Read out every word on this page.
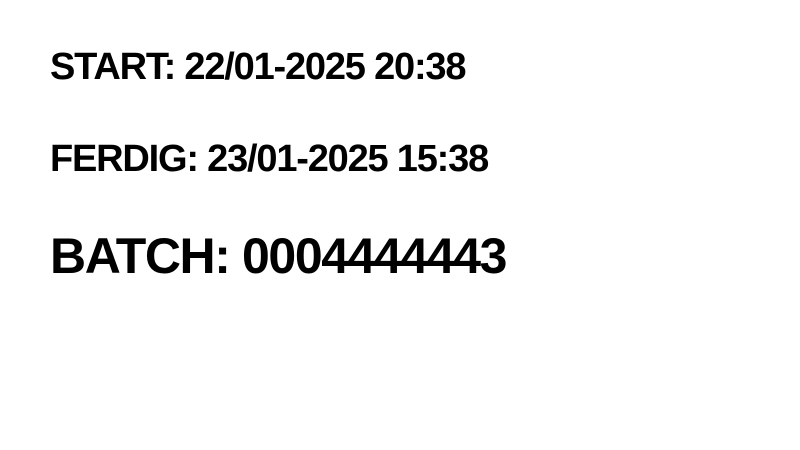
START: 22/01-2025 20:38

FERDIG: 23/01-2025 15:38

BATCH: 0004444443
